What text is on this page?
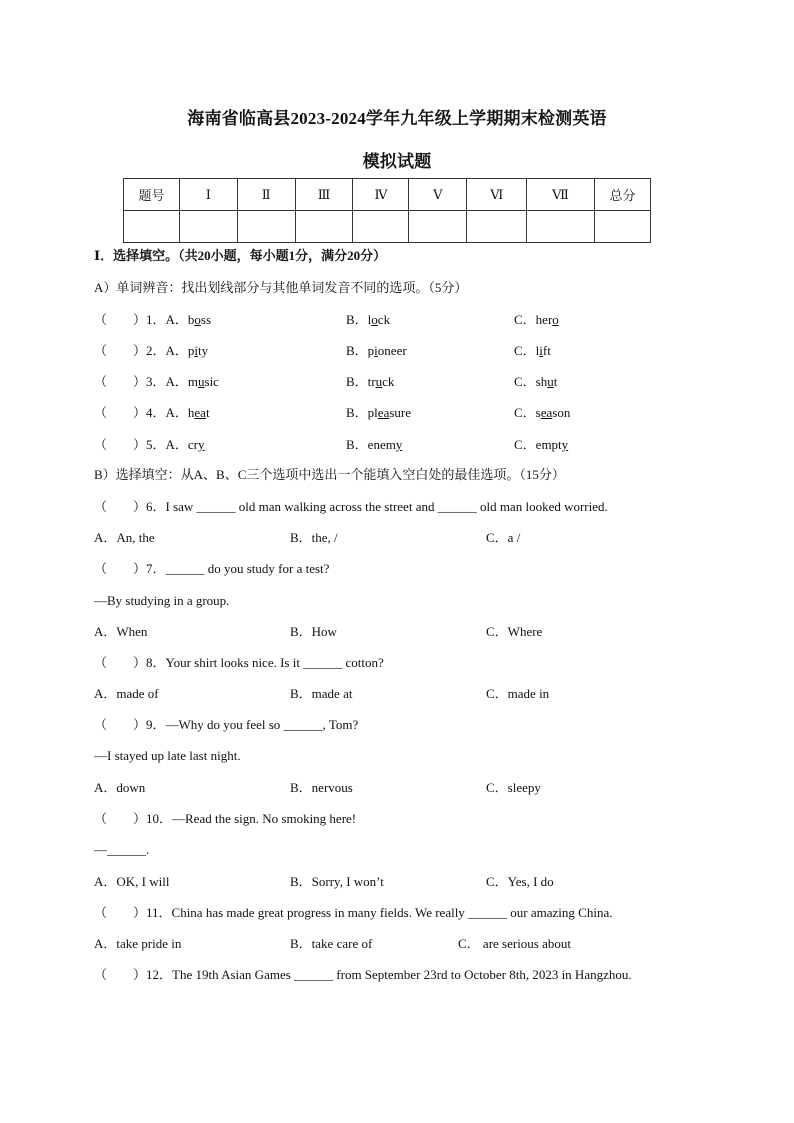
海南省临高县2023-2024学年九年级上学期期末检测英语
模拟试题
题号	Ⅰ	Ⅱ	Ⅲ	Ⅳ	Ⅴ	Ⅵ	Ⅶ	总分

Ⅰ．选择填空。（共20小题，每小题1分，满分20分）
A）单词辨音：找出划线部分与其他单词发音不同的选项。（5分）
（　　）1．A．boss	B．lock	C．hero
（　　）2．A．pity	B．pioneer	C．lift
（　　）3．A．music	B．truck	C．shut
（　　）4．A．heat	B．pleasure	C．season
（　　）5．A．cry	B．enemy	C．empty
B）选择填空：从A、B、C三个选项中选出一个能填入空白处的最佳选项。（15分）
（　　）6．I saw ______ old man walking across the street and ______ old man looked worried.
A．An, the	B．the, /	C．a /
（　　）7．______ do you study for a test?
—By studying in a group.
A．When	B．How	C．Where
（　　）8．Your shirt looks nice. Is it ______ cotton?
A．made of	B．made at	C．made in
（　　）9．—Why do you feel so ______, Tom?
—I stayed up late last night.
A．down	B．nervous	C．sleepy
（　　）10．—Read the sign. No smoking here!
—______.
A．OK, I will	B．Sorry, I won’t	C．Yes, I do
（　　）11．China has made great progress in many fields. We really ______ our amazing China.
A．take pride in	B．take care of	C． are serious about
（　　）12．The 19th Asian Games ______ from September 23rd to October 8th, 2023 in Hangzhou.
